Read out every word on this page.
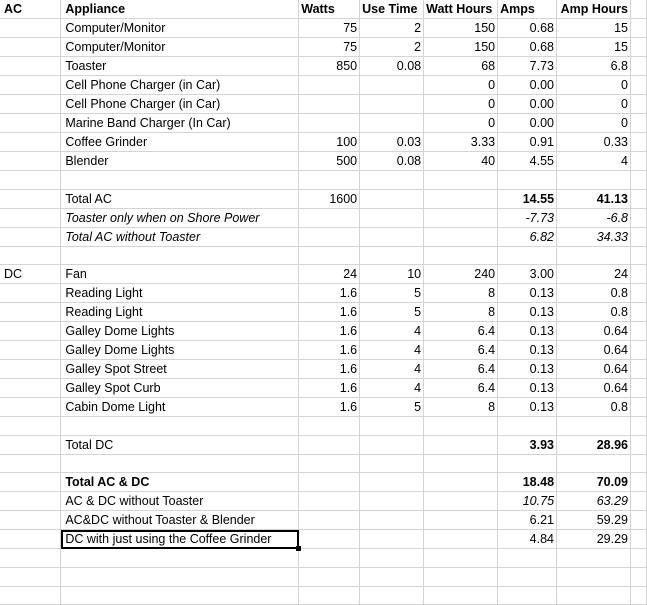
AC	Appliance	Watts	Use Time	Watt Hours	Amps	Amp Hours	
	Computer/Monitor	75	2	150	0.68	15	
	Computer/Monitor	75	2	150	0.68	15	
	Toaster	850	0.08	68	7.73	6.8	
	Cell Phone Charger (in Car)			0	0.00	0	
	Cell Phone Charger (in Car)			0	0.00	0	
	Marine Band Charger (In Car)			0	0.00	0	
	Coffee Grinder	100	0.03	3.33	0.91	0.33	
	Blender	500	0.08	40	4.55	4	

	Total AC	1600			14.55	41.13	
	Toaster only when on Shore Power				-7.73	-6.8	
	Total AC without Toaster				6.82	34.33	

DC	Fan	24	10	240	3.00	24	
	Reading Light	1.6	5	8	0.13	0.8	
	Reading Light	1.6	5	8	0.13	0.8	
	Galley Dome Lights	1.6	4	6.4	0.13	0.64	
	Galley Dome Lights	1.6	4	6.4	0.13	0.64	
	Galley Spot Street	1.6	4	6.4	0.13	0.64	
	Galley Spot Curb	1.6	4	6.4	0.13	0.64	
	Cabin Dome Light	1.6	5	8	0.13	0.8	

	Total DC				3.93	28.96	

	Total AC & DC				18.48	70.09	
	AC & DC without Toaster				10.75	63.29	
	AC&DC without Toaster & Blender				6.21	59.29	
	DC with just using the Coffee Grinder				4.84	29.29	
